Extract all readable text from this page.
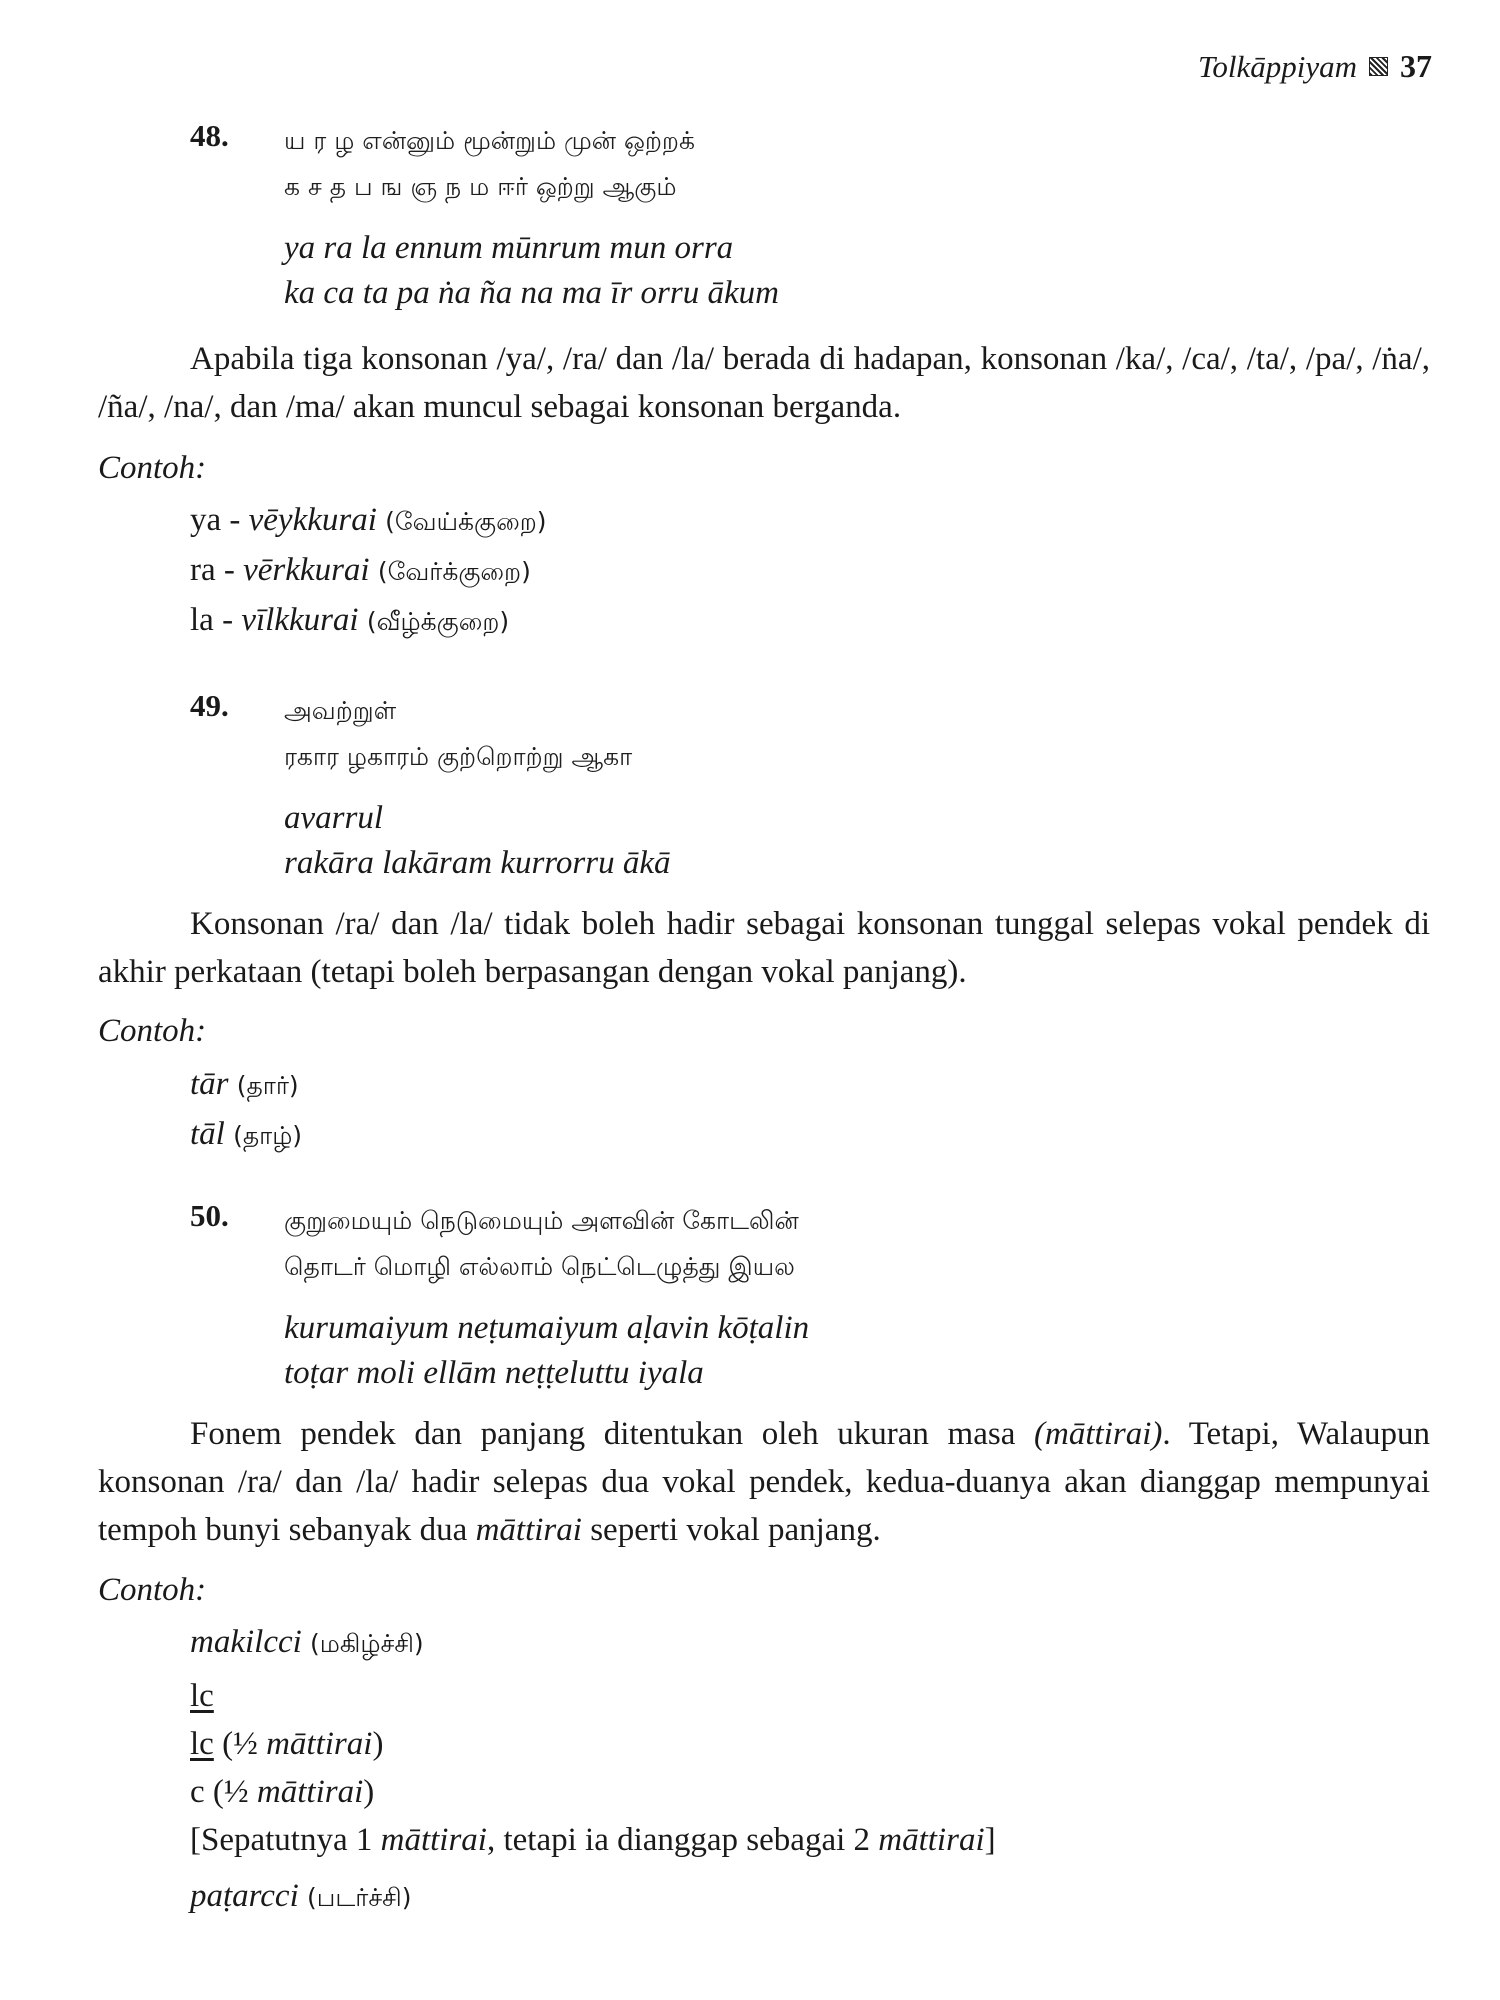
Tolkāppiyam 37
48. ய ர ழ என்னும் மூன்றும் முன் ஒற்றக்
க ச த ப ங ஞ ந ம ஈர் ஒற்று ஆகும்
ya ra la ennum mūnrum mun orra
ka ca ta pa ṅa ña na ma īr orru ākum
Apabila tiga konsonan /ya/, /ra/ dan /la/ berada di hadapan, konsonan /ka/, /ca/, /ta/, /pa/, /ṅa/, /ña/, /na/, dan /ma/ akan muncul sebagai konsonan berganda.
Contoh:
ya - vēykkurai (வேய்க்குறை)
ra - vērkkurai (வேர்க்குறை)
la - vīlkkurai (வீழ்க்குறை)
49. அவற்றுள்
ரகார ழகாரம் குற்றொற்று ஆகா
avarrul
rakāra lakāram kurrorru ākā
Konsonan /ra/ dan /la/ tidak boleh hadir sebagai konsonan tunggal selepas vokal pendek di akhir perkataan (tetapi boleh berpasangan dengan vokal panjang).
Contoh:
tār (தார்)
tāl (தாழ்)
50. குறுமையும் நெடுமையும் அளவின் கோடலின்
தொடர் மொழி எல்லாம் நெட்டெழுத்து இயல
kurumaiyum neṭumaiyum aḷavin kōṭalin
toṭar moli ellām neṭṭeluttu iyala
Fonem pendek dan panjang ditentukan oleh ukuran masa (māttirai). Tetapi, Walaupun konsonan /ra/ dan /la/ hadir selepas dua vokal pendek, kedua-duanya akan dianggap mempunyai tempoh bunyi sebanyak dua māttirai seperti vokal panjang.
Contoh:
makilcci (மகிழ்ச்சி)
lc
lc (½ māttirai)
c (½ māttirai)
[Sepatutnya 1 māttirai, tetapi ia dianggap sebagai 2 māttirai]
paṭarcci (படர்ச்சி)
